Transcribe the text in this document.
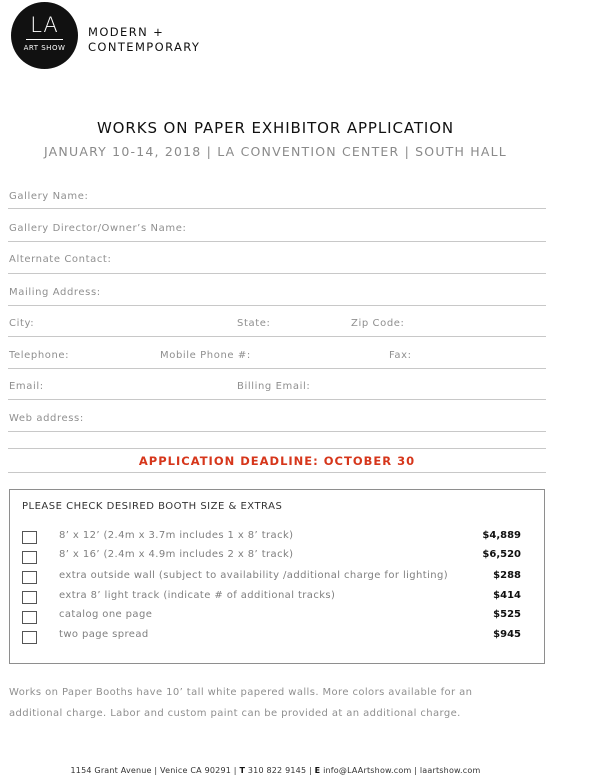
LA
ART SHOW
MODERN +
CONTEMPORARY
WORKS ON PAPER EXHIBITOR APPLICATION
JANUARY 10-14, 2018 | LA CONVENTION CENTER | SOUTH HALL
Gallery Name:
Gallery Director/Owner’s Name:
Alternate Contact:
Mailing Address:
City:	State:	Zip Code:
Telephone:	Mobile Phone #:	Fax:
Email:	Billing Email:
Web address:
APPLICATION DEADLINE: OCTOBER 30
PLEASE CHECK DESIRED BOOTH SIZE & EXTRAS
8’ x 12’ (2.4m x 3.7m includes 1 x 8’ track)	$4,889
8’ x 16’ (2.4m x 4.9m includes 2 x 8’ track)	$6,520
extra outside wall (subject to availability /additional charge for lighting)	$288
extra 8’ light track (indicate # of additional tracks)	$414
catalog one page	$525
two page spread	$945
Works on Paper Booths have 10’ tall white papered walls. More colors available for an
additional charge. Labor and custom paint can be provided at an additional charge.
1154 Grant Avenue | Venice CA 90291 | T 310 822 9145 | E info@LAArtshow.com | laartshow.com
